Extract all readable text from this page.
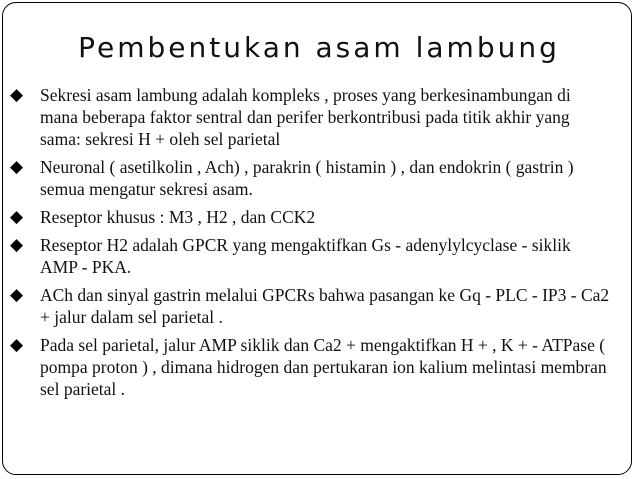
Pembentukan asam lambung
◆ Sekresi asam lambung adalah kompleks , proses yang berkesinambungan di mana beberapa faktor sentral dan perifer berkontribusi pada titik akhir yang sama: sekresi H + oleh sel parietal
◆ Neuronal ( asetilkolin , Ach) , parakrin ( histamin ) , dan endokrin ( gastrin ) semua mengatur sekresi asam.
◆ Reseptor khusus : M3 , H2 , dan CCK2
◆ Reseptor H2 adalah GPCR yang mengaktifkan Gs - adenylylcyclase - siklik AMP - PKA.
◆ ACh dan sinyal gastrin melalui GPCRs bahwa pasangan ke Gq - PLC - IP3 - Ca2 + jalur dalam sel parietal .
◆ Pada sel parietal, jalur AMP siklik dan Ca2 + mengaktifkan H + , K + - ATPase ( pompa proton ) , dimana hidrogen dan pertukaran ion kalium melintasi membran sel parietal .
